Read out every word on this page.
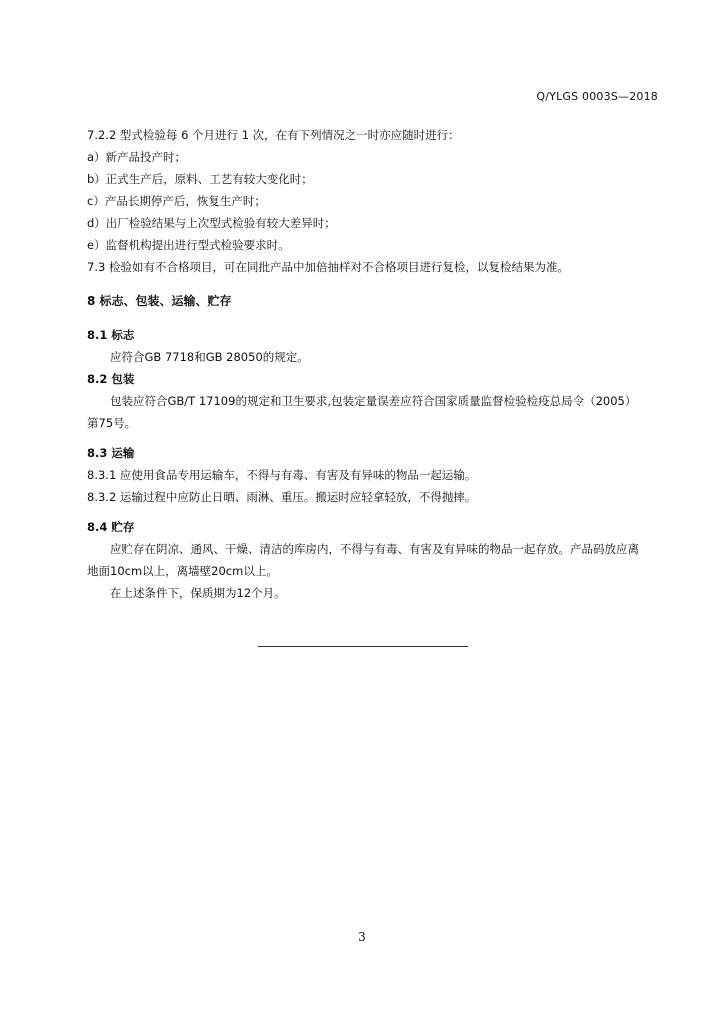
Q/YLGS 0003S—2018
7.2.2 型式检验每 6 个月进行 1 次，在有下列情况之一时亦应随时进行：
a）新产品投产时；
b）正式生产后，原料、工艺有较大变化时；
c）产品长期停产后，恢复生产时；
d）出厂检验结果与上次型式检验有较大差异时；
e）监督机构提出进行型式检验要求时。
7.3 检验如有不合格项目，可在同批产品中加倍抽样对不合格项目进行复检，以复检结果为准。
8 标志、包装、运输、贮存
8.1 标志
应符合GB 7718和GB 28050的规定。
8.2 包装
包装应符合GB/T 17109的规定和卫生要求,包装定量误差应符合国家质量监督检验检疫总局令（2005）第75号。
8.3 运输
8.3.1 应使用食品专用运输车，不得与有毒、有害及有异味的物品一起运输。
8.3.2 运输过程中应防止日晒、雨淋、重压。搬运时应轻拿轻放，不得抛摔。
8.4 贮存
应贮存在阴凉、通风、干燥、清洁的库房内，不得与有毒、有害及有异味的物品一起存放。产品码放应离地面10cm以上，离墙壁20cm以上。
在上述条件下，保质期为12个月。
3
